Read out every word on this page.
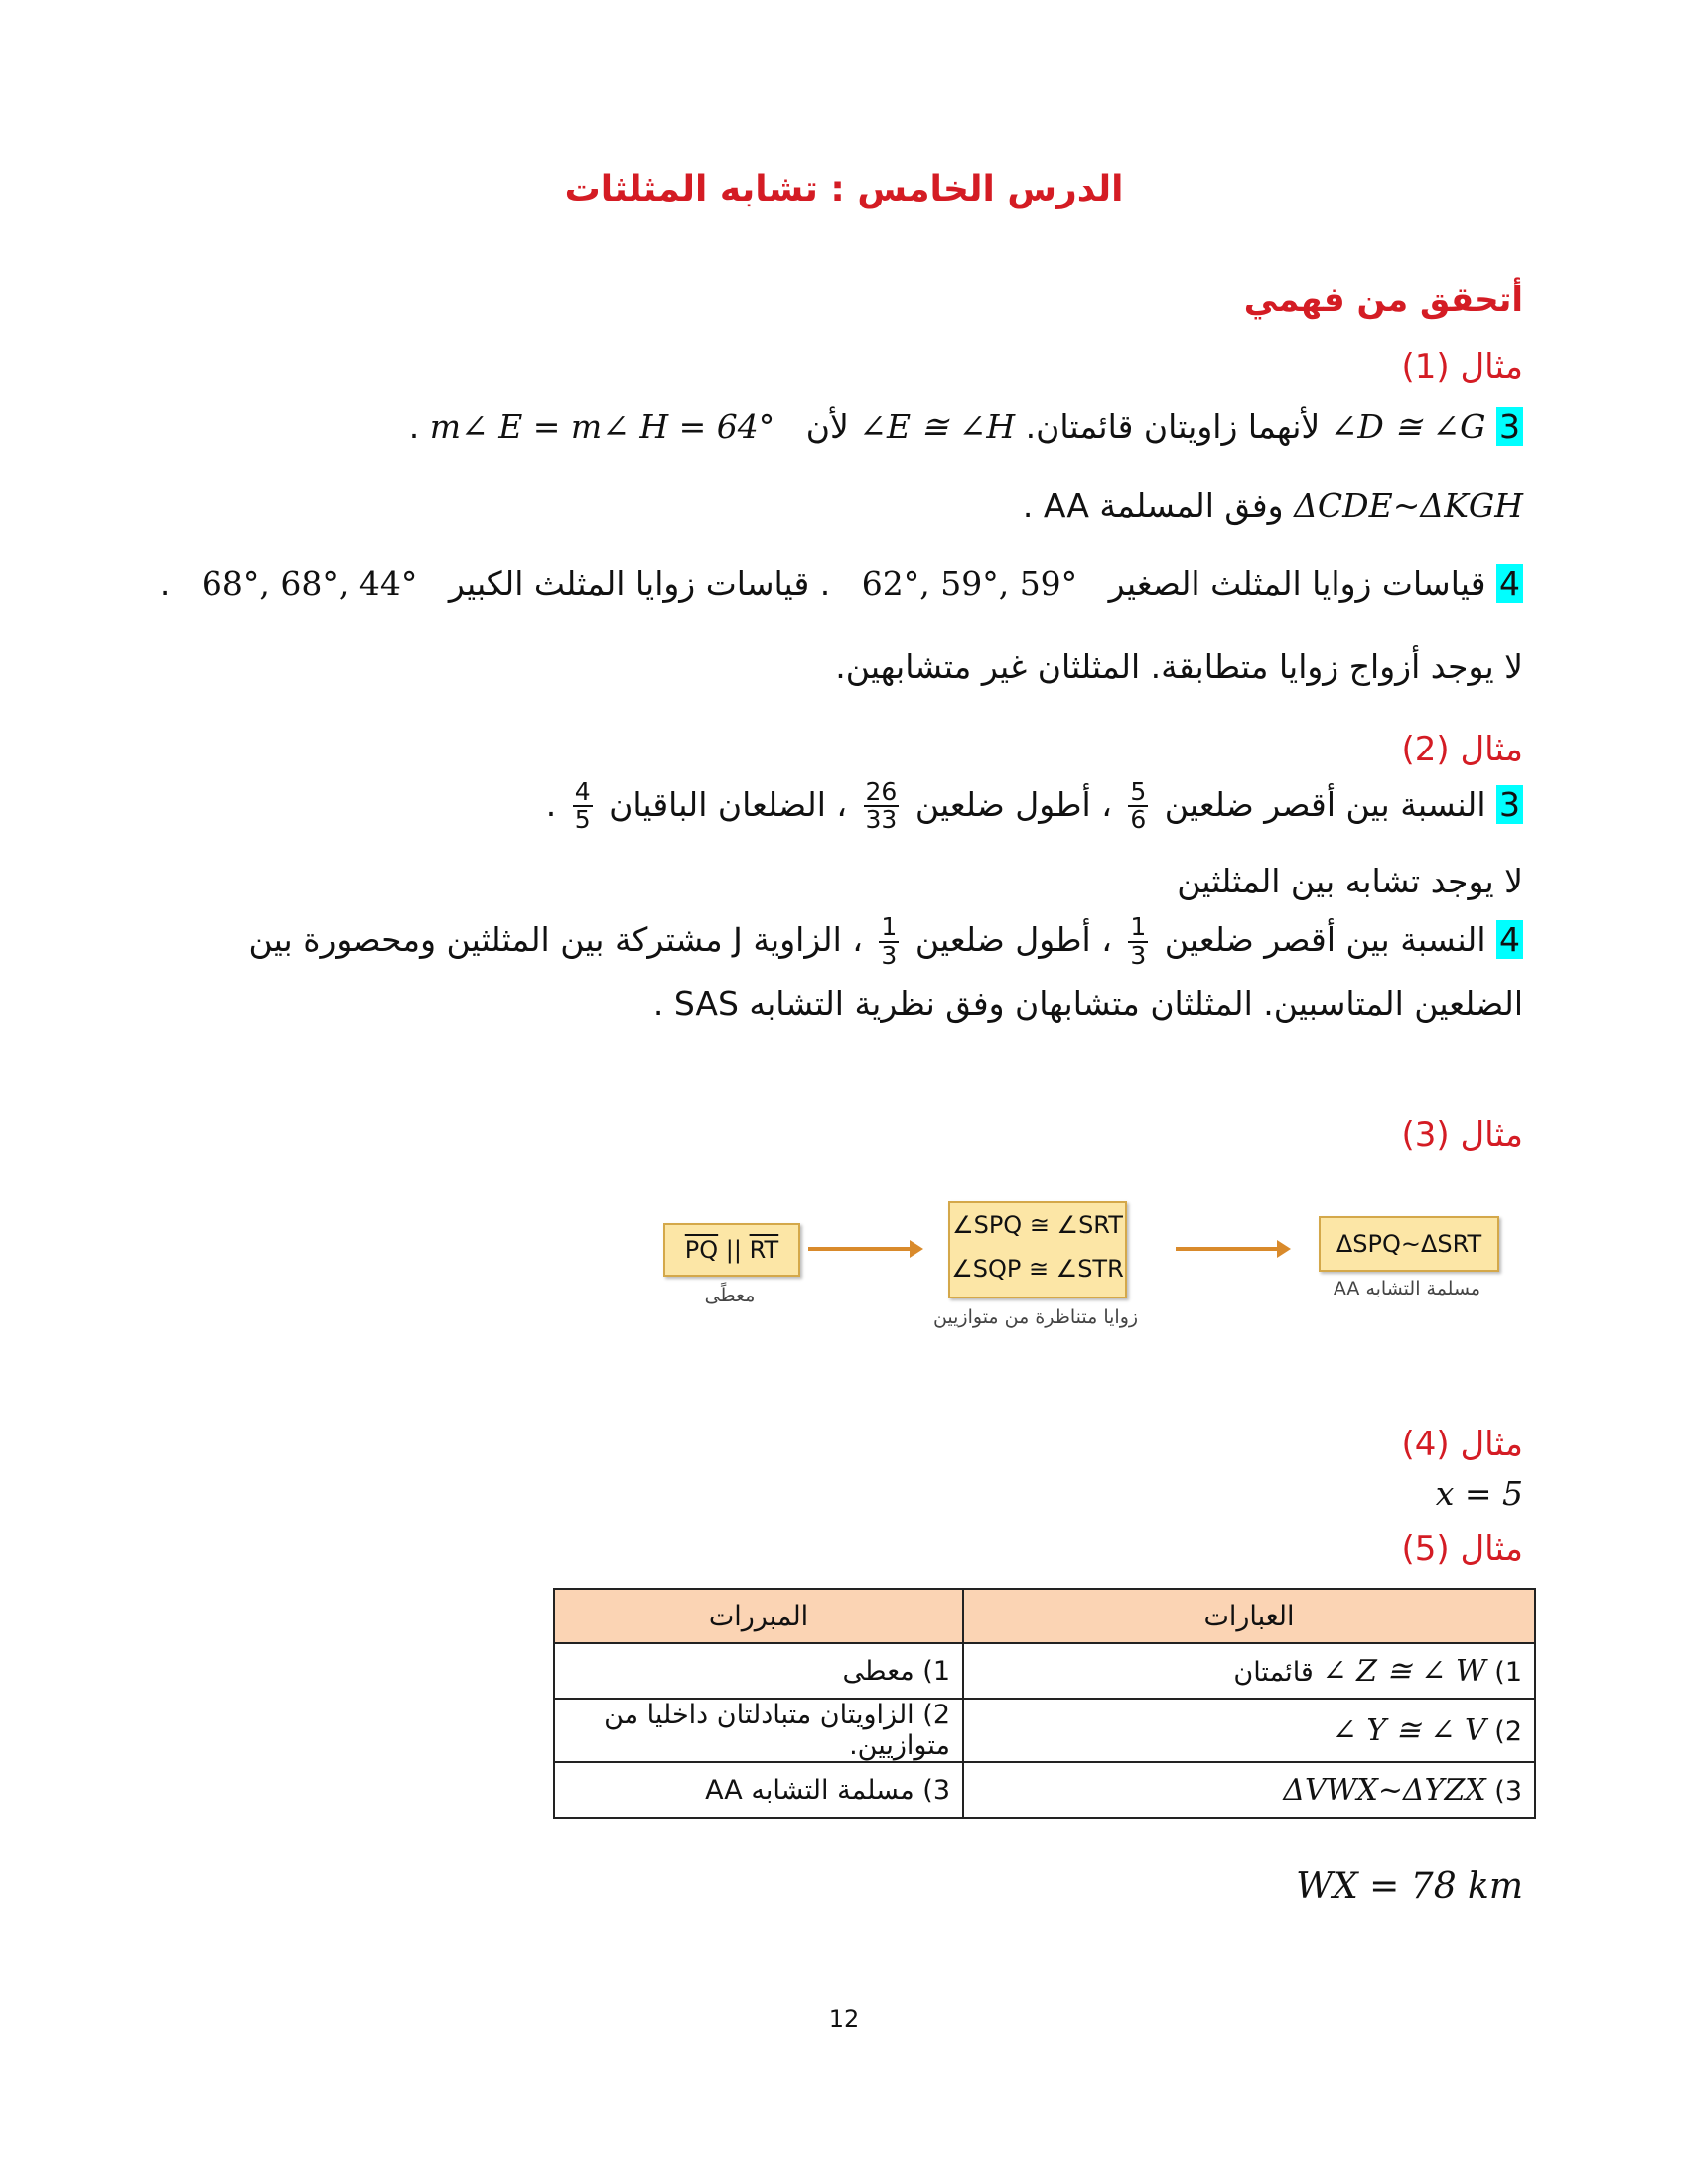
الدرس الخامس : تشابه المثلثات
أتحقق من فهمي
مثال (1)
3 ∠D ≅ ∠G لأنهما زاويتان قائمتان. ∠E ≅ ∠H لأن   m∠ E = m∠ H = 64° .
ΔCDE~ΔKGH وفق المسلمة AA .
4 قياسات زوايا المثلث الصغير   62°, 59°, 59°   . قياسات زوايا المثلث الكبير   68°, 68°, 44°   .
لا يوجد أزواج زوايا متطابقة. المثلثان غير متشابهين.
مثال (2)
3 النسبة بين أقصر ضلعين
$\frac{5}{6}$
، أطول ضلعين
$\frac{26}{33}$
، الضلعان الباقيان
$\frac{4}{5}$
.
لا يوجد تشابه بين المثلثين
4 النسبة بين أقصر ضلعين
$\frac{1}{3}$
، أطول ضلعين
$\frac{1}{3}$
، الزاوية J مشتركة بين المثلثين ومحصورة بين الضلعين المتاسبين. المثلثان متشابهان وفق نظرية التشابه SAS .
مثال (3)
$\overline{PQ}$ || $\overline{RT}$
معطًى
∠SPQ ≅ ∠SRT
∠SQP ≅ ∠STR
زوايا متناظرة من متوازيين
ΔSPQ~ΔSRT
مسلمة التشابه AA
مثال (4)
x = 5
مثال (5)
العبارات	المبررات
1) ∠ Z ≅ ∠ W قائمتان	1) معطى
2) ∠ Y ≅ ∠ V	2) الزاويتان متبادلتان داخليا من متوازيين.
3) ΔVWX~ΔYZX	3) مسلمة التشابه AA
WX = 78 km
12
